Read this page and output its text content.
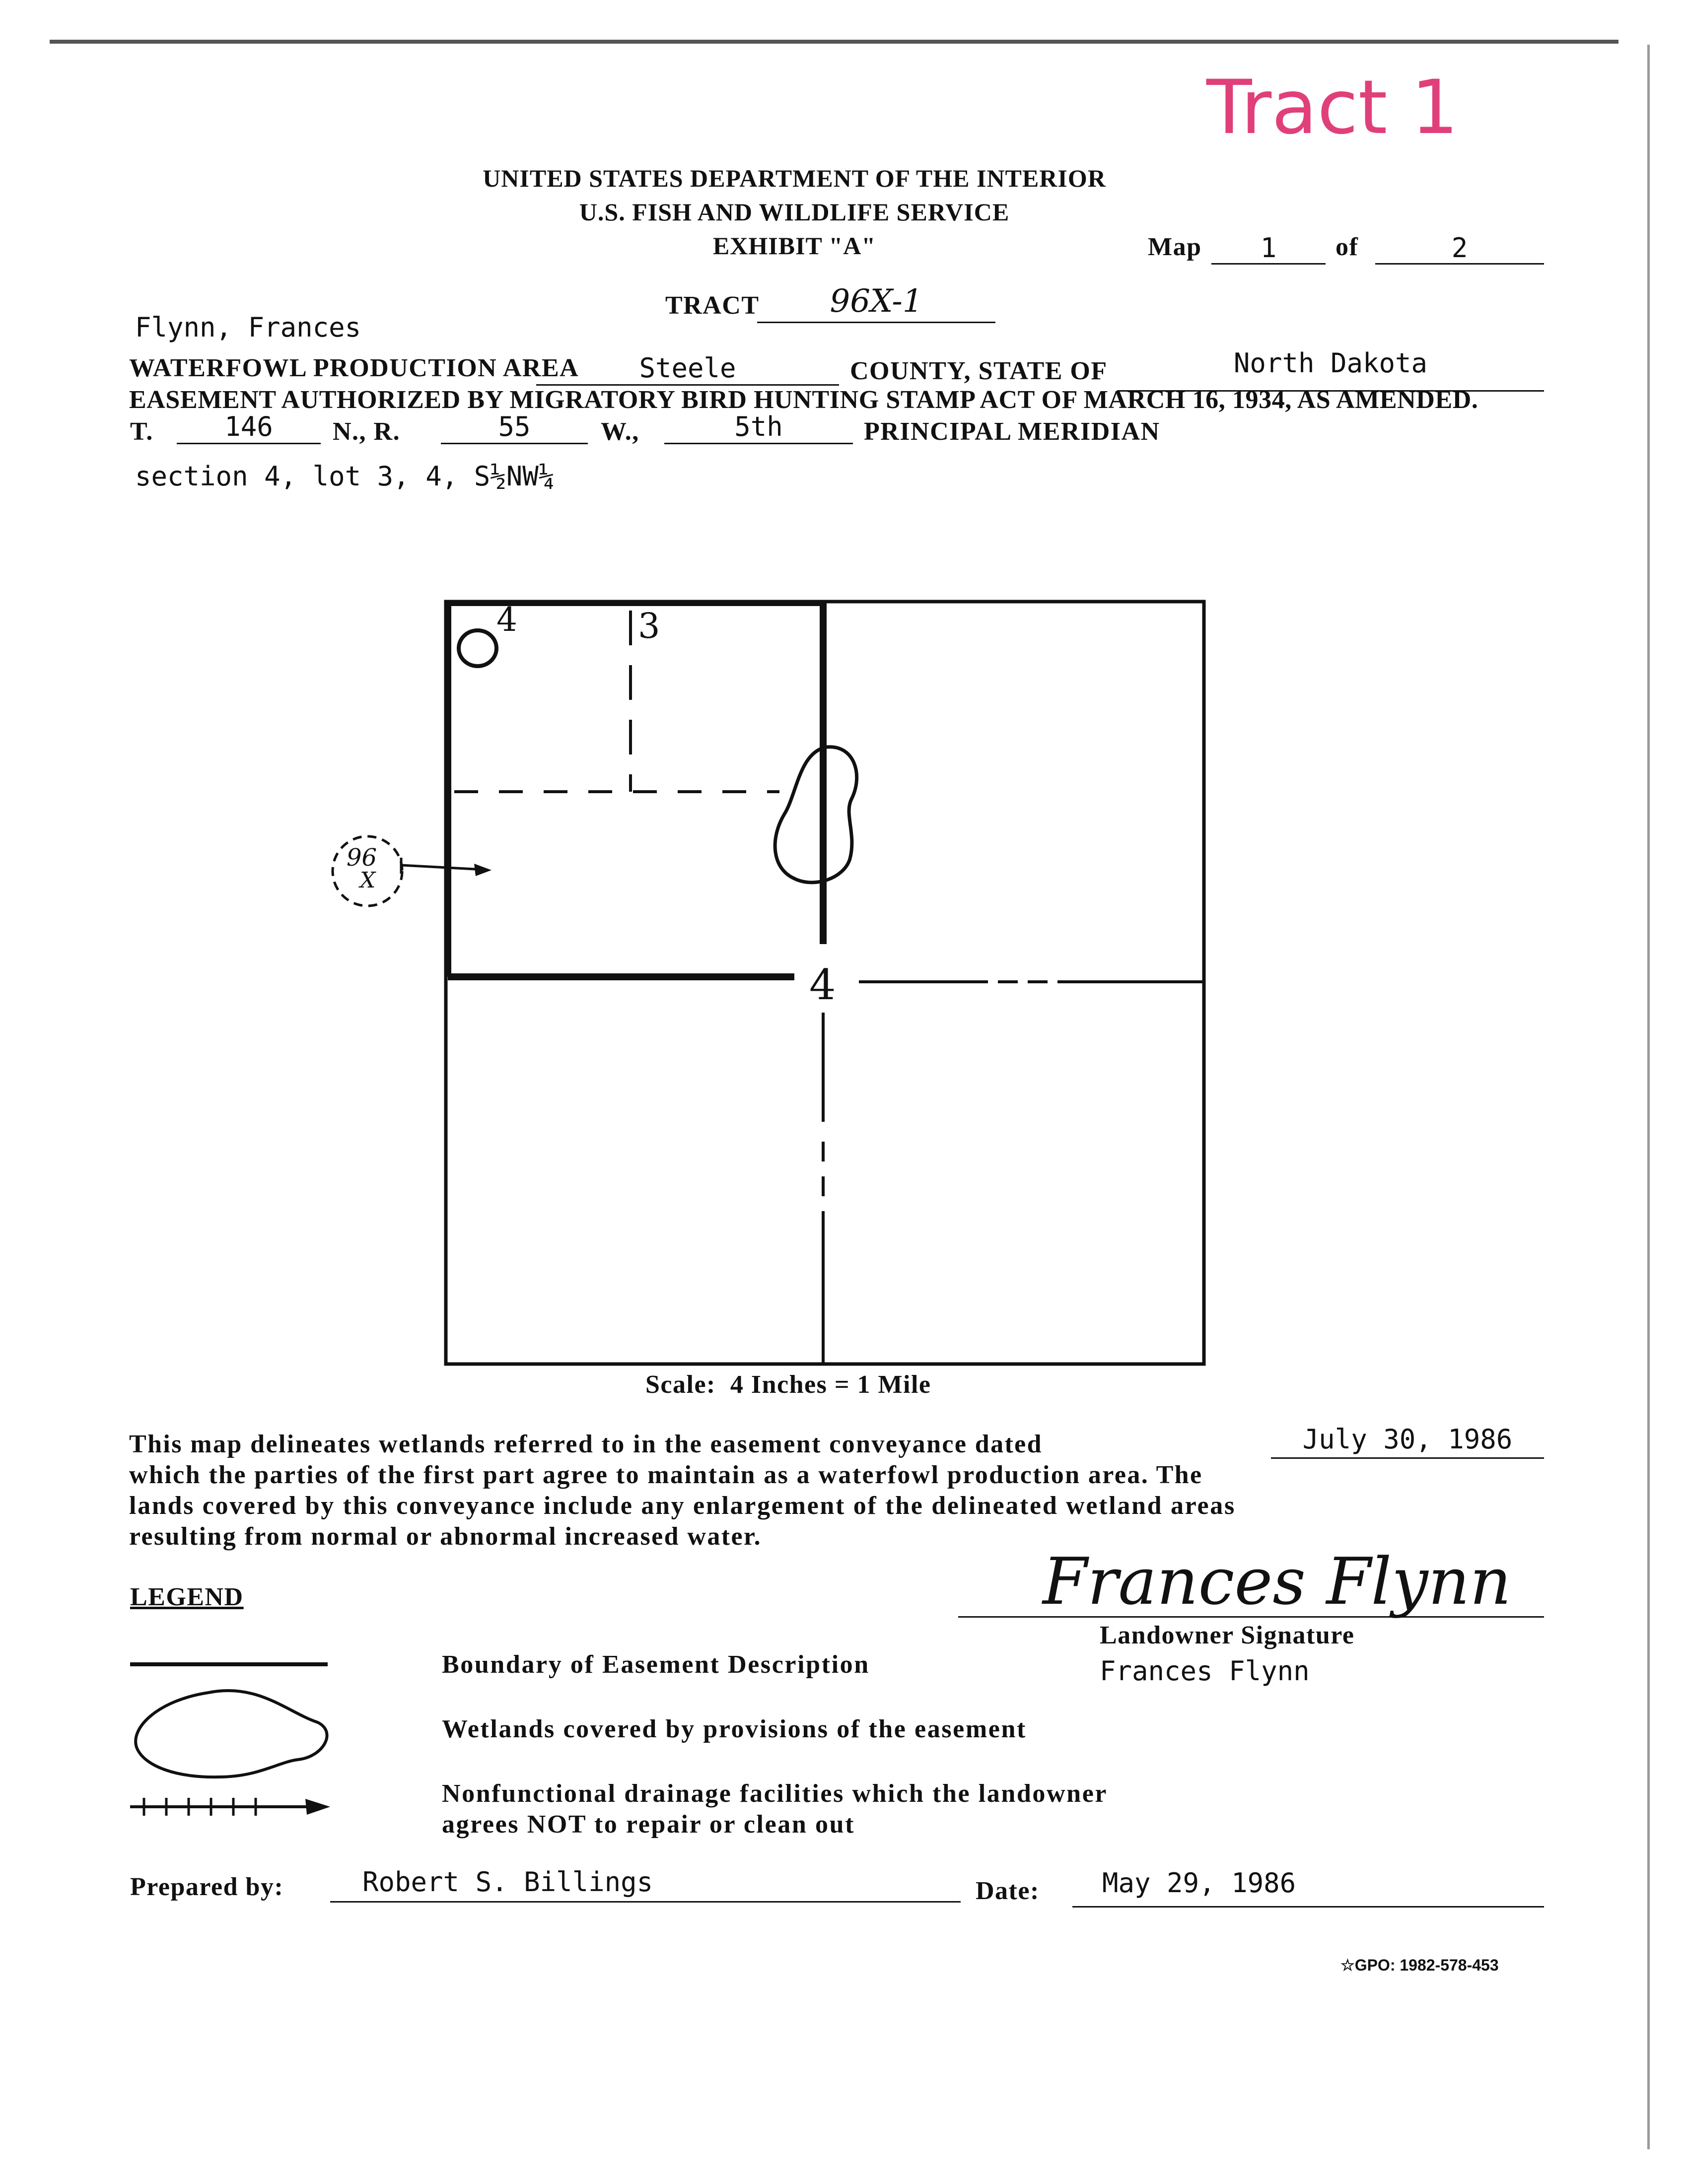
Tract 1
UNITED STATES DEPARTMENT OF THE INTERIOR
U.S. FISH AND WILDLIFE SERVICE
EXHIBIT "A"	Map	1	of	2
TRACT	96X-1
Flynn, Frances
WATERFOWL PRODUCTION AREA	Steele	COUNTY, STATE OF	North Dakota
EASEMENT AUTHORIZED BY MIGRATORY BIRD HUNTING STAMP ACT OF MARCH 16, 1934, AS AMENDED.
T.	146	N., R.	55	W.,	5th	PRINCIPAL MERIDIAN
section 4, lot 3, 4, S½NW¼
4	3
4
96
X
Scale:  4 Inches = 1 Mile
This map delineates wetlands referred to in the easement conveyance dated	July 30, 1986
which the parties of the first part agree to maintain as a waterfowl production area. The
lands covered by this conveyance include any enlargement of the delineated wetland areas
resulting from normal or abnormal increased water.
LEGEND	Frances Flynn
Landowner Signature
Frances Flynn
Boundary of Easement Description
Wetlands covered by provisions of the easement
Nonfunctional drainage facilities which the landowner
agrees NOT to repair or clean out
Prepared by:	Robert S. Billings	Date: May 29, 1986
☆GPO: 1982-578-453
